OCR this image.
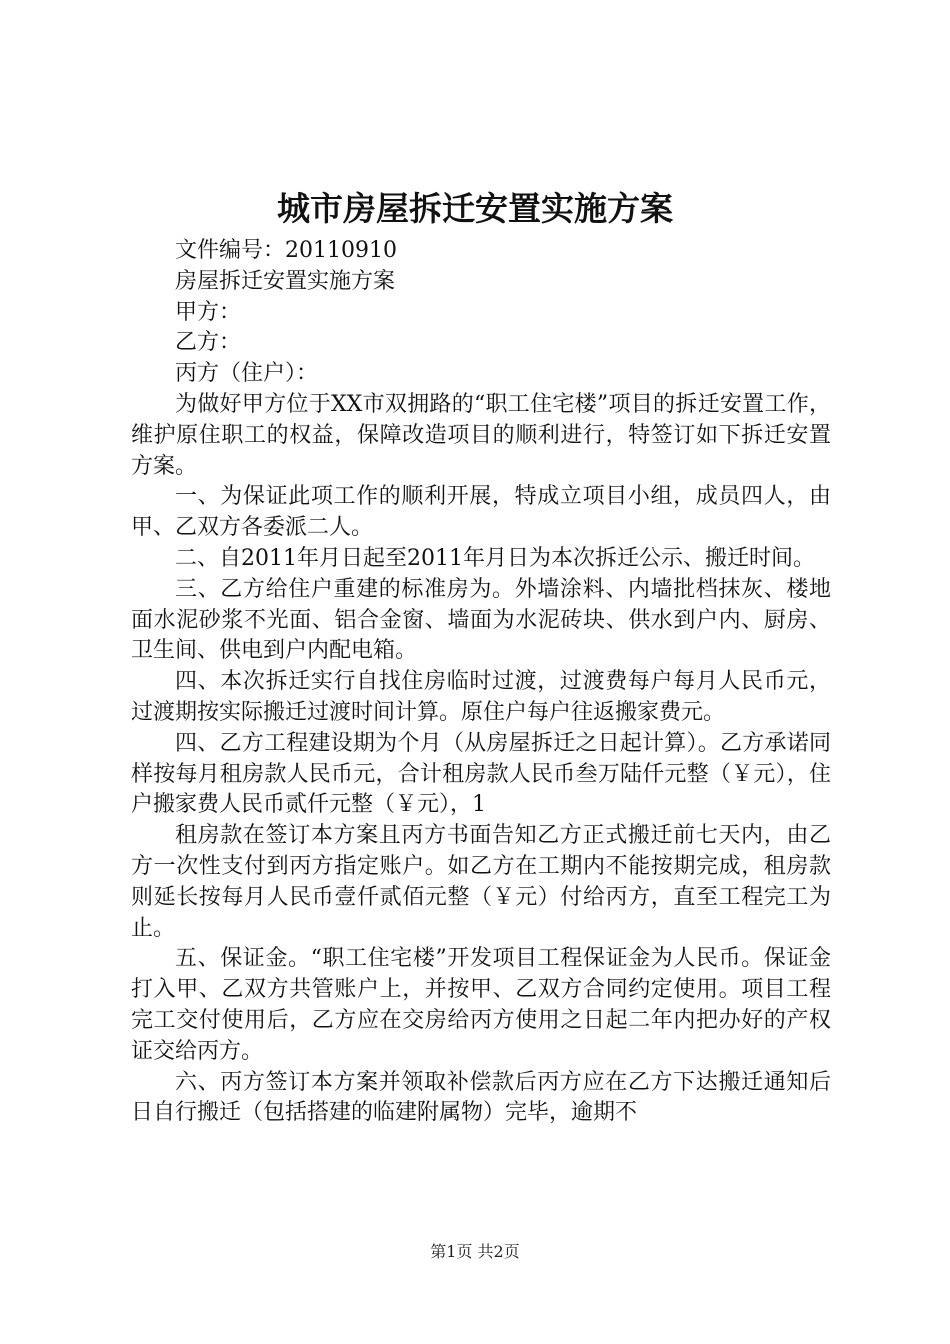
城市房屋拆迁安置实施方案

文件编号：20110910

房屋拆迁安置实施方案

甲方：

乙方：

丙方（住户）：

为做好甲方位于XX市双拥路的“职工住宅楼”项目的拆迁安置工作，维护原住职工的权益，保障改造项目的顺利进行，特签订如下拆迁安置方案。

一、为保证此项工作的顺利开展，特成立项目小组，成员四人，由甲、乙双方各委派二人。

二、自2011年月日起至2011年月日为本次拆迁公示、搬迁时间。

三、乙方给住户重建的标准房为。外墙涂料、内墙批档抹灰、楼地面水泥砂浆不光面、铝合金窗、墙面为水泥砖块、供水到户内、厨房、卫生间、供电到户内配电箱。

四、本次拆迁实行自找住房临时过渡，过渡费每户每月人民币元，过渡期按实际搬迁过渡时间计算。原住户每户往返搬家费元。

四、乙方工程建设期为个月（从房屋拆迁之日起计算）。乙方承诺同样按每月租房款人民币元，合计租房款人民币叁万陆仟元整（￥元），住户搬家费人民币贰仟元整（￥元），1

租房款在签订本方案且丙方书面告知乙方正式搬迁前七天内，由乙方一次性支付到丙方指定账户。如乙方在工期内不能按期完成，租房款则延长按每月人民币壹仟贰佰元整（￥元）付给丙方，直至工程完工为止。

五、保证金。“职工住宅楼”开发项目工程保证金为人民币。保证金打入甲、乙双方共管账户上，并按甲、乙双方合同约定使用。项目工程完工交付使用后，乙方应在交房给丙方使用之日起二年内把办好的产权证交给丙方。

六、丙方签订本方案并领取补偿款后丙方应在乙方下达搬迁通知后日自行搬迁（包括搭建的临建附属物）完毕，逾期不

第1页 共2页
